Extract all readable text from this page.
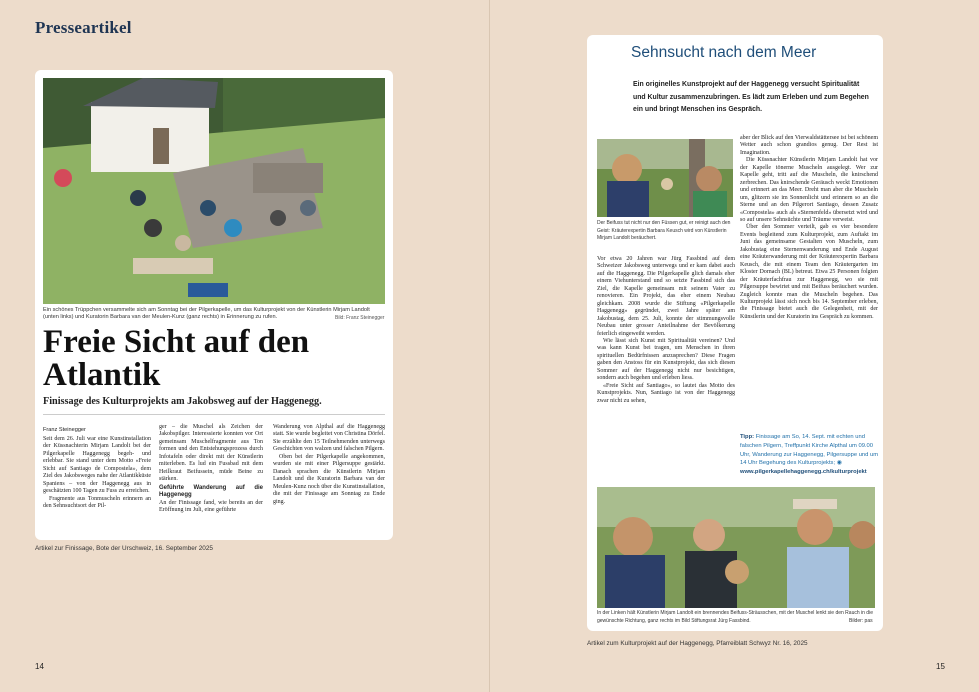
Presseartikel
Ein schönes Trüppchen versammelte sich am Sonntag bei der Pilgerkapelle, um das Kulturprojekt von der Künstlerin Mirjam Landolt (unten links) und Kuratorin Barbara van der Meulen-Kunz (ganz rechts) in Erinnerung zu rufen.	Bild: Franz Steinegger
Freie Sicht auf den Atlantik
Finissage des Kulturprojekts am Jakobsweg auf der Haggenegg.
Franz Steinegger

Seit dem 26. Juli war eine Kunstinstallation der Küssnachterin Mirjam Landolt bei der Pilgerkapelle Haggenegg begeh- und erlebbar. Sie stand unter dem Motto «Freie Sicht auf Santiago de Compostela», dem Ziel des Jakobsweges nahe der Atlantikküste Spaniens – von der Haggenegg aus in geschätzten 100 Tagen zu Fuss zu erreichen.

Fragmente aus Tonmuscheln erinnern an den Sehnsuchtsort der Pil-

ger – die Muschel als Zeichen der Jakobspilger. Interessierte konnten vor Ort gemeinsam Muschelfragmente aus Ton formen und den Entstehungsprozess durch Infotafeln oder direkt mit der Künstlerin miterleben. Es lud ein Fussbad mit dem Heilkraut Beifussein, müde Beine zu stärken.

Geführte Wanderung auf die Haggenegg

An der Finissage fand, wie bereits an der Eröffnung im Juli, eine geführte

Wanderung von Alpthal auf die Haggenegg statt. Sie wurde begleitet von Christina Dörfel. Sie erzählte den 15 Teilnehmenden unterwegs Geschichten von walzen und falschen Pilgern.

Oben bei der Pilgerkapelle angekommen, wurden sie mit einer Pilgersuppe gestärkt. Danach sprachen die Künstlerin Mirjam Landolt und die Kuratorin Barbara van der Meulen-Kunz noch über die Kunstinstallation, die mit der Finissage am Sonntag zu Ende ging.

Artikel zur Finissage, Bote der Urschweiz, 16. September 2025
14
Sehnsucht nach dem Meer
Ein originelles Kunstprojekt auf der Haggenegg versucht Spiritualität und Kultur zusammenzubringen. Es lädt zum Erleben und zum Begehen ein und bringt Menschen ins Gespräch.
Der Beifuss tut nicht nur den Füssen gut, er reinigt auch den Geist: Kräuterexpertin Barbara Keusch wird von Künstlerin Mirjam Landolt beräuchert.

Vor etwa 20 Jahren war Jürg Fassbind auf dem Schweizer Jakobsweg unterwegs und er kam dabei auch auf die Haggenegg. Die Pilgerkapelle glich damals eher einem Viehunterstand und so setzte Fassbind sich das Ziel, die Kapelle gemeinsam mit seinem Vater zu renovieren. Ein Projekt, das eher einem Neubau gleichkam. 2008 wurde die Stiftung «Pilgerkapelle Haggenegg» gegründet, zwei Jahre später am Jakobustag, dem 25. Juli, konnte der stimmungsvolle Neubau unter grosser Anteilnahme der Bevölkerung feierlich eingeweiht werden.

Wie lässt sich Kunst mit Spiritualität vereinen? Und was kann Kunst bei tragen, um Menschen in ihren spirituellen Bedürfnissen anzusprechen? Diese Fragen gaben den Anstoss für ein Kunstprojekt, das sich diesen Sommer auf der Haggenegg nicht nur besichtigen, sondern auch begehen und erleben liess.

«Freie Sicht auf Santiago», so lautet das Motto des Kunstprojekts. Nun, Santiago ist von der Haggenegg zwar nicht zu sehen,

aber der Blick auf den Vierwaldstättersee ist bei schönem Wetter auch schon grandios genug. Der Rest ist Imagination.

Die Küssnachter Künstlerin Mirjam Landolt hat vor der Kapelle tönerne Muscheln ausgelegt. Wer zur Kapelle geht, tritt auf die Muscheln, die knirschend zerbrechen. Das knirschende Geräusch weckt Emotionen und erinnert an das Meer. Dreht man aber die Muscheln um, glitzern sie im Sonnenlicht und erinnern so an die Sterne und an den Pilgerort Santiago, dessen Zusatz «Compostela» auch als «Sternenfeld» übersetzt wird und so auf unsere Sehnsüchte und Träume verweist.

Über den Sommer verteilt, gab es vier besondere Events begleitend zum Kulturprojekt, zum Auftakt im Juni das gemeinsame Gestalten von Muscheln, zum Jakobustag eine Sternenwanderung und Ende August eine Kräuterwanderung mit der Kräuterexpertin Barbara Keusch, die mit einem Team den Kräutergarten im Kloster Dornach (BL) betreut. Etwa 25 Personen folgten der Kräuterfachfrau zur Haggenegg, wo sie mit Pilgersuppe bewirtet und mit Beifuss beräuchert wurden. Zugleich konnte man die Muscheln begehen. Das Kulturprojekt lässt sich noch bis 14. September erleben, die Finissage bietet auch die Gelegenheit, mit der Künstlerin und der Kuratorin ins Gespräch zu kommen.

Tipp: Finissage am So, 14. Sept. mit echten und falschen Pilgern, Treffpunkt Kirche Alpthal um 09.00 Uhr, Wanderung zur Haggenegg, Pilgersuppe und um 14 Uhr Begehung des Kulturprojekts; ◉ www.pilgerkapellehaggenegg.ch/kulturprojekt
In der Linken hält Künstlerin Mirjam Landolt ein brennendes Beifuss-Sträusschen, mit der Muschel lenkt sie den Rauch in die gewünschte Richtung, ganz rechts im Bild Stiftungsrat Jürg Fassbind.	Bilder: pas
Artikel zum Kulturprojekt auf der Haggenegg, Pfarreiblatt Schwyz Nr. 16, 2025
15
